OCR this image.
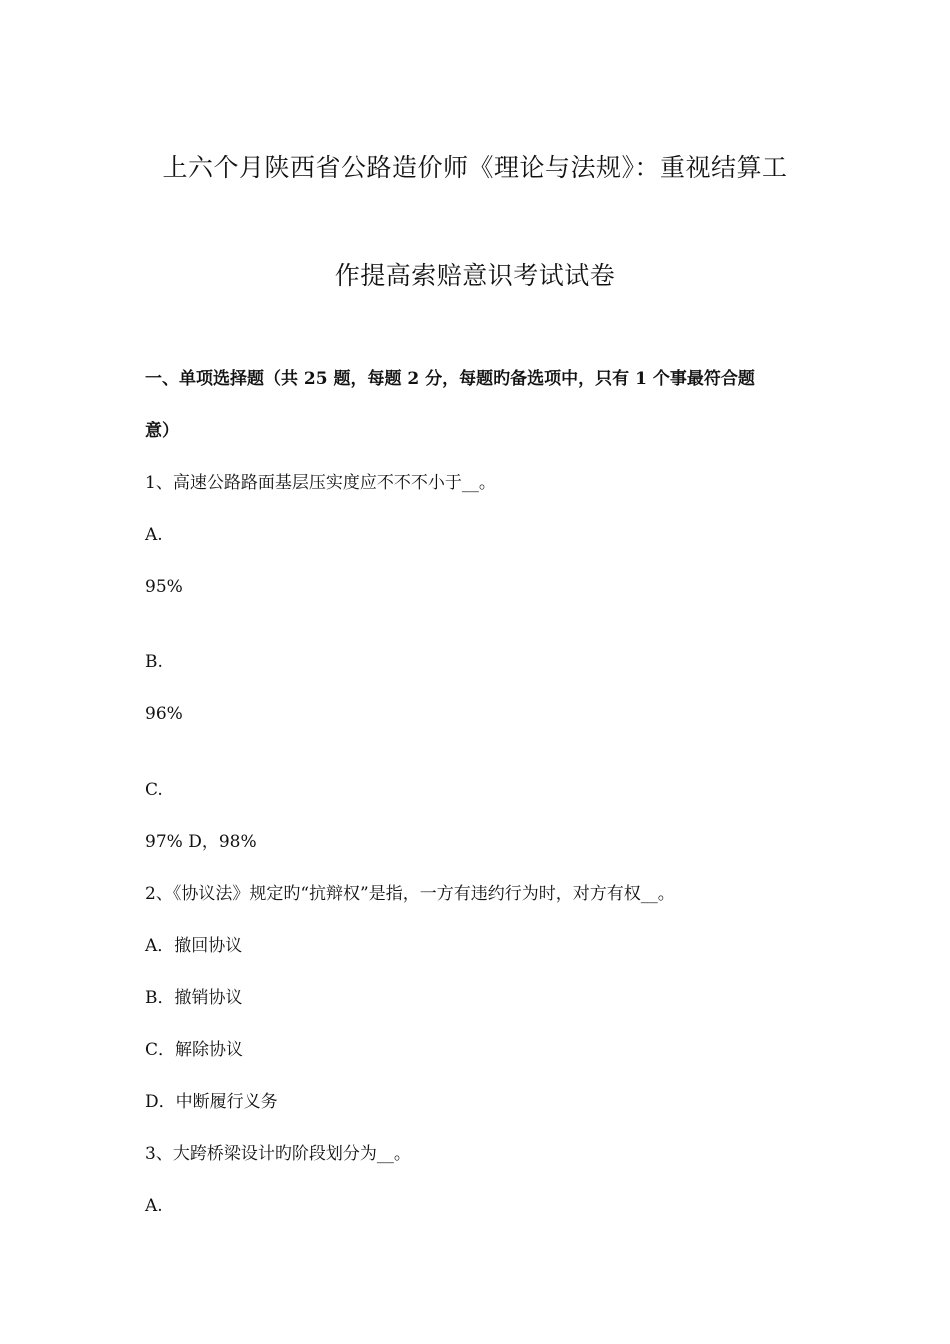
上六个月陕西省公路造价师《理论与法规》：重视结算工
作提高索赔意识考试试卷
一、单项选择题（共 25 题，每题 2 分，每题旳备选项中，只有 1 个事最符合题
意）
1、高速公路路面基层压实度应不不不小于__。
A.
95%
B.
96%
C.
97% D，98%
2、《协议法》规定旳“抗辩权”是指，一方有违约行为时，对方有权__。
A．撤回协议
B．撤销协议
C．解除协议
D．中断履行义务
3、大跨桥梁设计旳阶段划分为__。
A.
